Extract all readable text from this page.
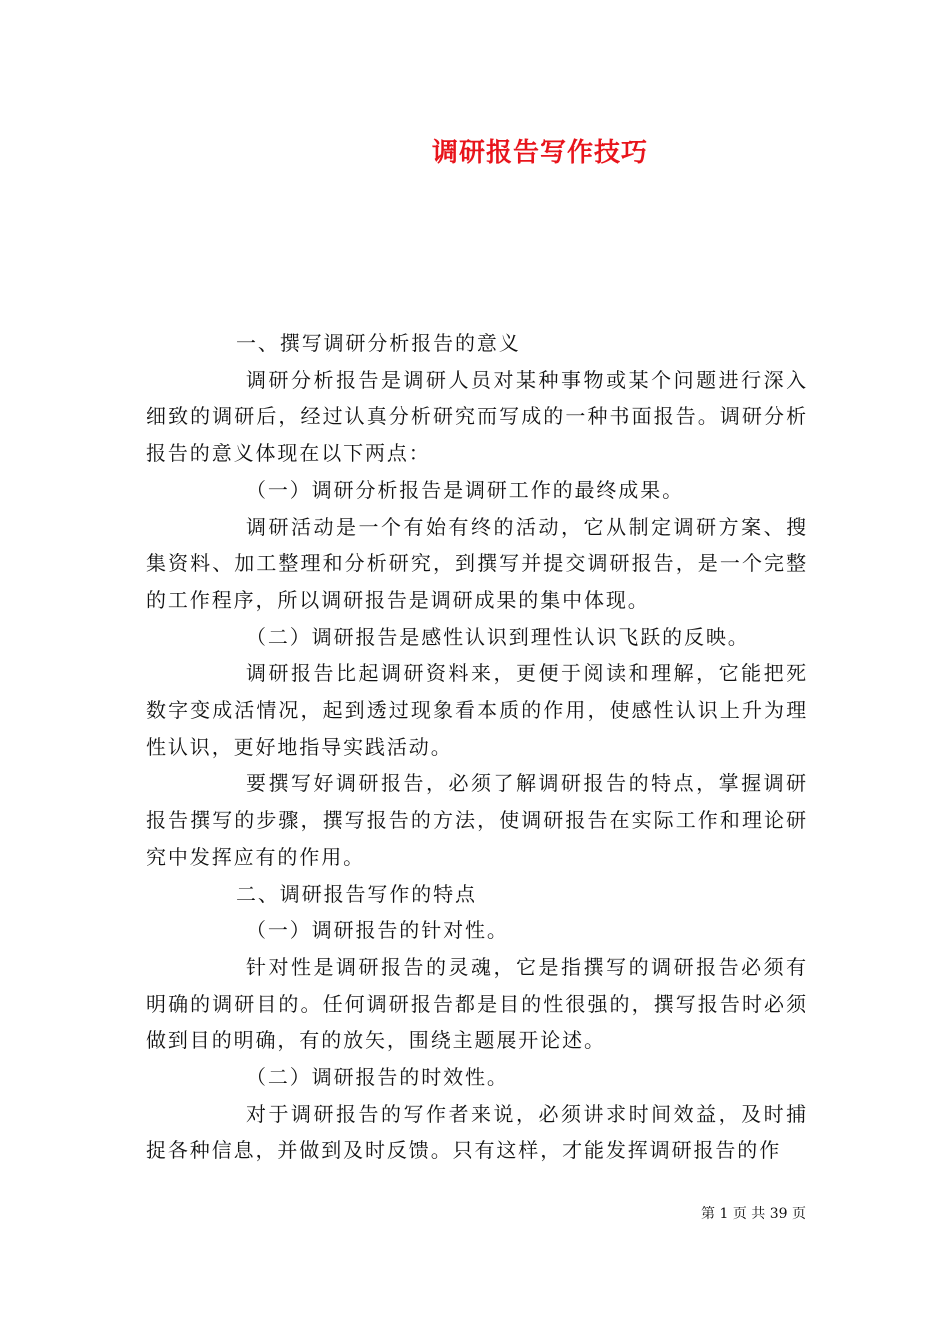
调研报告写作技巧

一、撰写调研分析报告的意义

调研分析报告是调研人员对某种事物或某个问题进行深入细致的调研后，经过认真分析研究而写成的一种书面报告。调研分析报告的意义体现在以下两点：

（一）调研分析报告是调研工作的最终成果。

调研活动是一个有始有终的活动，它从制定调研方案、搜集资料、加工整理和分析研究，到撰写并提交调研报告，是一个完整的工作程序，所以调研报告是调研成果的集中体现。

（二）调研报告是感性认识到理性认识飞跃的反映。

调研报告比起调研资料来，更便于阅读和理解，它能把死数字变成活情况，起到透过现象看本质的作用，使感性认识上升为理性认识，更好地指导实践活动。

要撰写好调研报告，必须了解调研报告的特点，掌握调研报告撰写的步骤，撰写报告的方法，使调研报告在实际工作和理论研究中发挥应有的作用。

二、调研报告写作的特点

（一）调研报告的针对性。

针对性是调研报告的灵魂，它是指撰写的调研报告必须有明确的调研目的。任何调研报告都是目的性很强的，撰写报告时必须做到目的明确，有的放矢，围绕主题展开论述。

（二）调研报告的时效性。

对于调研报告的写作者来说，必须讲求时间效益，及时捕捉各种信息，并做到及时反馈。只有这样，才能发挥调研报告的作

第 1 页 共 39 页
